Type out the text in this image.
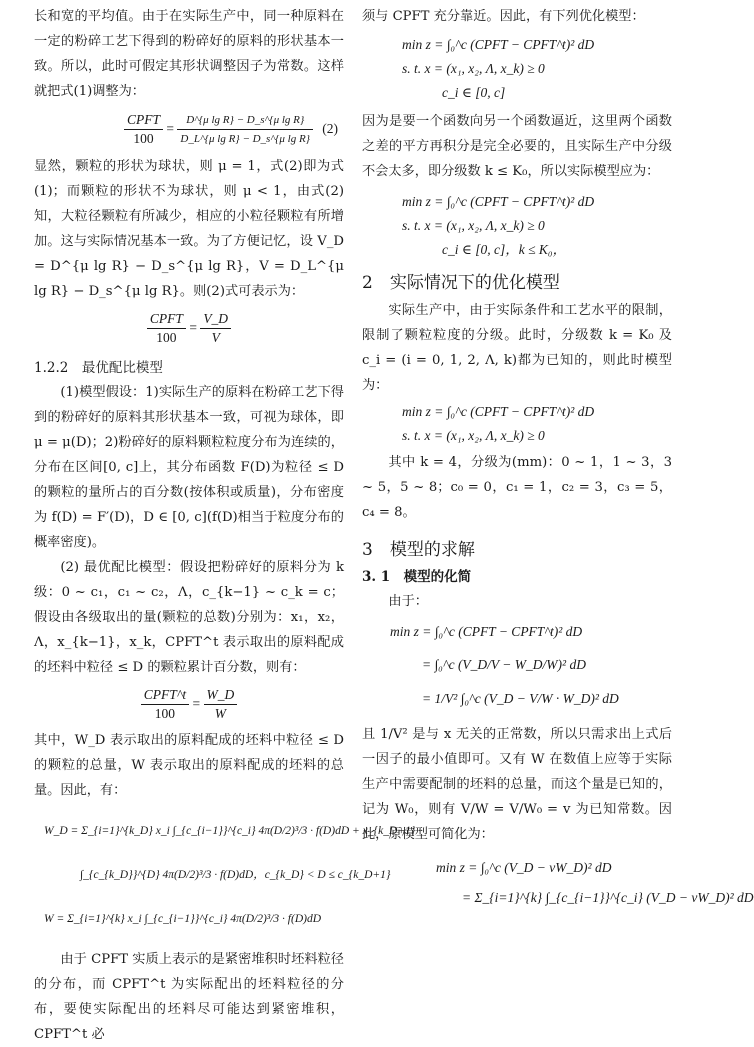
长和宽的平均值。由于在实际生产中，同一种原料在一定的粉碎工艺下得到的粉碎好的原料的形状基本一致。所以，此时可假定其形状调整因子为常数。这样就把式(1)调整为：

$\frac{\text{CPFT}}{100} = \frac{\text{D\textasciicircum{}\{μ lg R\} − D\_s\textasciicircum{}\{μ lg R\}}}{\text{D\_L\textasciicircum{}\{μ lg R\} − D\_s\textasciicircum{}\{μ lg R\}}} (2)$

显然，颗粒的形状为球状，则 μ = 1，式(2)即为式(1)；而颗粒的形状不为球状，则 μ < 1，由式(2)知，大粒径颗粒有所减少，相应的小粒径颗粒有所增加。这与实际情况基本一致。为了方便记忆，设 V_D = D^{μ lg R} − D_s^{μ lg R}，V = D_L^{μ lg R} − D_s^{μ lg R}。则(2)式可表示为：

$\frac{\text{CPFT}}{100} = \frac{V\_D}{V}$

1.2.2　最优配比模型

(1)模型假设：1)实际生产的原料在粉碎工艺下得到的粉碎好的原料其形状基本一致，可视为球体，即 μ = μ(D)；2)粉碎好的原料颗粒粒度分布为连续的，分布在区间[0, c]上，其分布函数 F(D)为粒径 ≤ D 的颗粒的量所占的百分数(按体积或质量)，分布密度为 f(D) = F′(D)，D ∈ [0, c](f(D)相当于粒度分布的概率密度)。

(2) 最优配比模型：假设把粉碎好的原料分为 k 级：0 ~ c₁，c₁ ~ c₂，Λ，c_{k−1} ~ c_k = c；假设由各级取出的量(颗粒的总数)分别为：x₁，x₂，Λ，x_{k−1}，x_k，CPFT^t 表示取出的原料配成的坯料中粒径 ≤ D 的颗粒累计百分数，则有：

$\frac{\text{CPFT\textasciicircum{}t}}{100} = \frac{W\_D}{W}$

其中，W_D 表示取出的原料配成的坯料中粒径 ≤ D 的颗粒的总量，W 表示取出的原料配成的坯料的总量。因此，有：

W_D = Σ_{i=1}^{k_D} x_i ∫_{c_{i−1}}^{c_i} 4π(D/2)³/3 · f(D)dD + x_{k_D+1} ·
∫_{c_{k_D}}^{D} 4π(D/2)³/3 · f(D)dD，c_{k_D} < D ≤ c_{k_D+1}
W = Σ_{i=1}^{k} x_i ∫_{c_{i−1}}^{c_i} 4π(D/2)³/3 · f(D)dD

由于 CPFT 实质上表示的是紧密堆积时坯料粒径的分布，而 CPFT^t 为实际配出的坯料粒径的分布，要使实际配出的坯料尽可能达到紧密堆积，CPFT^t 必

须与 CPFT 充分靠近。因此，有下列优化模型：

min z = ∫₀^c (CPFT − CPFT^t)² dD
s. t. x = (x₁, x₂, Λ, x_k) ≥ 0
c_i ∈ [0, c]

因为是要一个函数向另一个函数逼近，这里两个函数之差的平方再积分是完全必要的，且实际生产中分级不会太多，即分级数 k ≤ K₀，所以实际模型应为：

min z = ∫₀^c (CPFT − CPFT^t)² dD
s. t. x = (x₁, x₂, Λ, x_k) ≥ 0
c_i ∈ [0, c]，k ≤ K₀，

2　实际情况下的优化模型

实际生产中，由于实际条件和工艺水平的限制，限制了颗粒粒度的分级。此时，分级数 k = K₀ 及 c_i = (i = 0, 1, 2, Λ, k)都为已知的，则此时模型为：

min z = ∫₀^c (CPFT − CPFT^t)² dD
s. t. x = (x₁, x₂, Λ, x_k) ≥ 0

其中 k = 4，分级为(mm)：0 ~ 1，1 ~ 3，3 ~ 5，5 ~ 8；c₀ = 0，c₁ = 1，c₂ = 3，c₃ = 5，c₄ = 8。

3　模型的求解

3. 1　模型的化简

由于：

min z = ∫₀^c (CPFT − CPFT^t)² dD
= ∫₀^c (V_D/V − W_D/W)² dD
= 1/V² ∫₀^c (V_D − V/W · W_D)² dD

且 1/V² 是与 x 无关的正常数，所以只需求出上式后一因子的最小值即可。又有 W 在数值上应等于实际生产中需要配制的坯料的总量，而这个量是已知的，记为 W₀，则有 V/W = V/W₀ = v 为已知常数。因此，原模型可简化为：

min z = ∫₀^c (V_D − vW_D)² dD
= Σ_{i=1}^{k} ∫_{c_{i−1}}^{c_i} (V_D − vW_D)² dD
